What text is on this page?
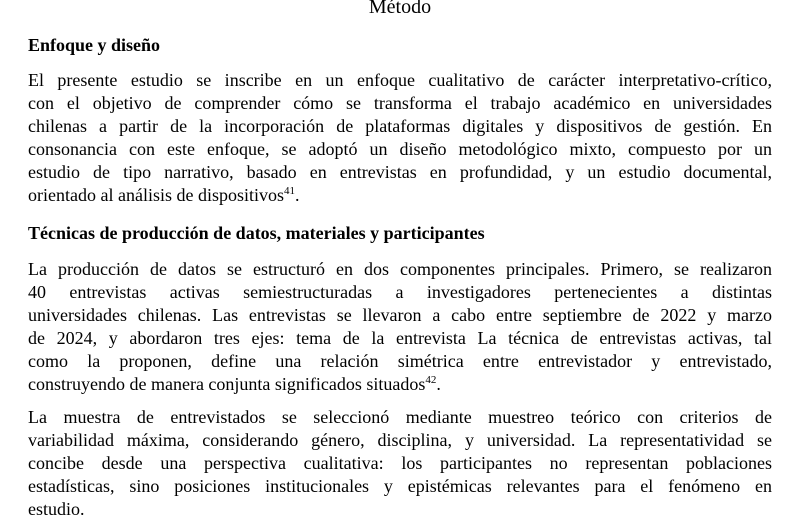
Método
Enfoque y diseño
El presente estudio se inscribe en un enfoque cualitativo de carácter interpretativo-crítico,
con el objetivo de comprender cómo se transforma el trabajo académico en universidades
chilenas a partir de la incorporación de plataformas digitales y dispositivos de gestión. En
consonancia con este enfoque, se adoptó un diseño metodológico mixto, compuesto por un
estudio de tipo narrativo, basado en entrevistas en profundidad, y un estudio documental,
orientado al análisis de dispositivos$^{41}$.
Técnicas de producción de datos, materiales y participantes
La producción de datos se estructuró en dos componentes principales. Primero, se realizaron
40 entrevistas activas semiestructuradas a investigadores pertenecientes a distintas
universidades chilenas. Las entrevistas se llevaron a cabo entre septiembre de 2022 y marzo
de 2024, y abordaron tres ejes: tema de la entrevista La técnica de entrevistas activas, tal
como la proponen, define una relación simétrica entre entrevistador y entrevistado,
construyendo de manera conjunta significados situados$^{42}$.
La muestra de entrevistados se seleccionó mediante muestreo teórico con criterios de
variabilidad máxima, considerando género, disciplina, y universidad. La representatividad se
concibe desde una perspectiva cualitativa: los participantes no representan poblaciones
estadísticas, sino posiciones institucionales y epistémicas relevantes para el fenómeno en
estudio.
